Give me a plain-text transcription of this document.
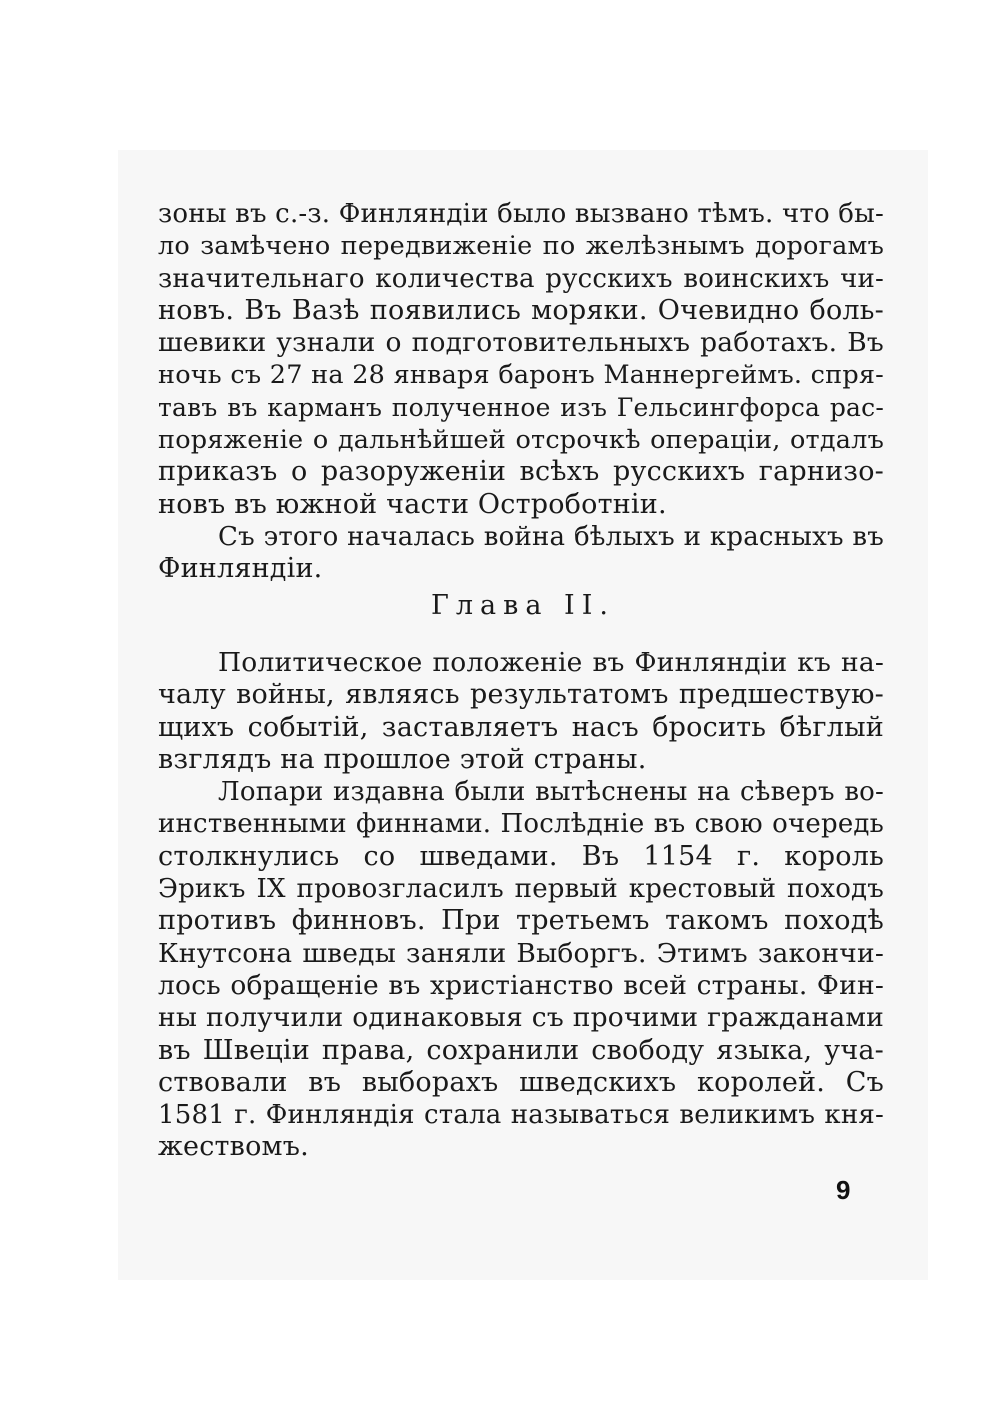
зоны въ с.-з. Финляндіи было вызвано тѣмъ. что бы-
ло замѣчено передвиженіе по желѣзнымъ дорогамъ
значительнаго количества русскихъ воинскихъ чи-
новъ. Въ Вазѣ появились моряки. Очевидно боль-
шевики узнали о подготовительныхъ работахъ. Въ
ночь съ 27 на 28 января баронъ Маннергеймъ. спря-
тавъ въ карманъ полученное изъ Гельсингфорса рас-
поряженіе о дальнѣйшей отсрочкѣ операціи, отдалъ
приказъ о разоруженіи всѣхъ русскихъ гарнизо-
новъ въ южной части Остроботніи.
Съ этого началась война бѣлыхъ и красныхъ въ
Финляндіи.
Глава II.
Политическое положеніе въ Финляндіи къ на-
чалу войны, являясь результатомъ предшествую-
щихъ событій, заставляетъ насъ бросить бѣглый
взглядъ на прошлое этой страны.
Лопари издавна были вытѣснены на сѣверъ во-
инственными финнами. Послѣдніе въ свою очередь
столкнулись со шведами. Въ 1154 г. король
Эрикъ IX провозгласилъ первый крестовый походъ
противъ финновъ. При третьемъ такомъ походѣ
Кнутсона шведы заняли Выборгъ. Этимъ закончи-
лось обращеніе въ христіанство всей страны. Фин-
ны получили одинаковыя съ прочими гражданами
въ Швеціи права, сохранили свободу языка, уча-
ствовали въ выборахъ шведскихъ королей. Съ
1581 г. Финляндія стала называться великимъ кня-
жествомъ.
9
